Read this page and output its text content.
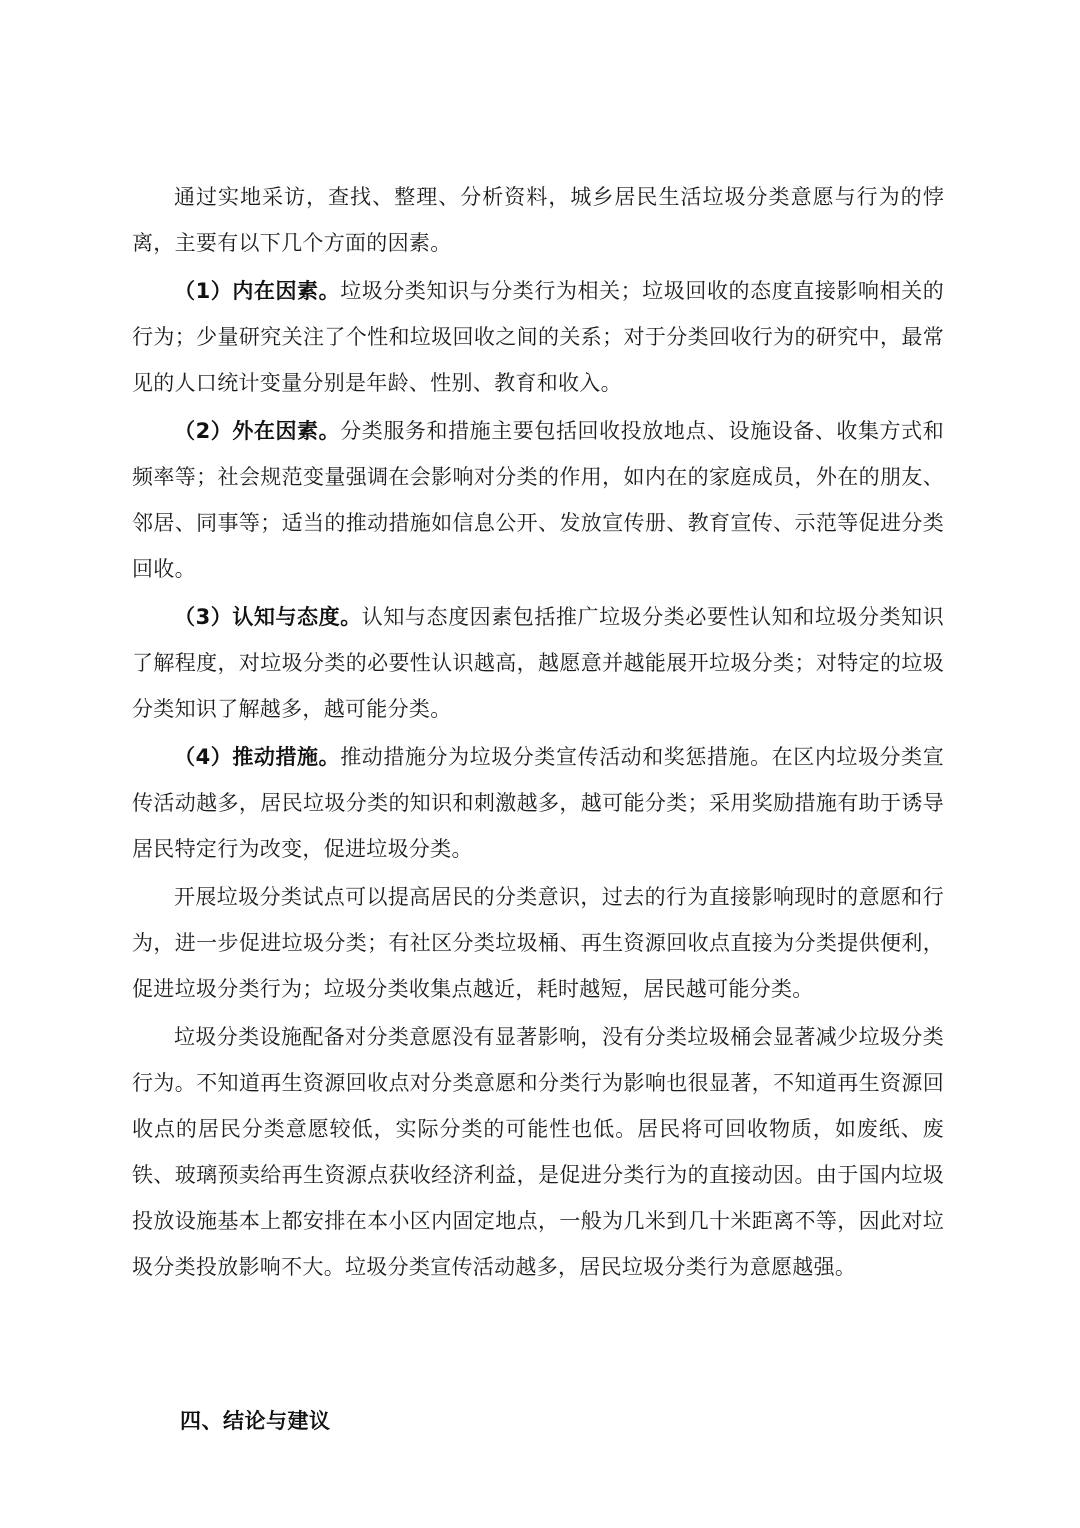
通过实地采访，查找、整理、分析资料，城乡居民生活垃圾分类意愿与行为的悖离，主要有以下几个方面的因素。

（1）内在因素。垃圾分类知识与分类行为相关；垃圾回收的态度直接影响相关的行为；少量研究关注了个性和垃圾回收之间的关系；对于分类回收行为的研究中，最常见的人口统计变量分别是年龄、性别、教育和收入。

（2）外在因素。分类服务和措施主要包括回收投放地点、设施设备、收集方式和频率等；社会规范变量强调在会影响对分类的作用，如内在的家庭成员，外在的朋友、邻居、同事等；适当的推动措施如信息公开、发放宣传册、教育宣传、示范等促进分类回收。

（3）认知与态度。认知与态度因素包括推广垃圾分类必要性认知和垃圾分类知识了解程度，对垃圾分类的必要性认识越高，越愿意并越能展开垃圾分类；对特定的垃圾分类知识了解越多，越可能分类。

（4）推动措施。推动措施分为垃圾分类宣传活动和奖惩措施。在区内垃圾分类宣传活动越多，居民垃圾分类的知识和刺激越多，越可能分类；采用奖励措施有助于诱导居民特定行为改变，促进垃圾分类。

开展垃圾分类试点可以提高居民的分类意识，过去的行为直接影响现时的意愿和行为，进一步促进垃圾分类；有社区分类垃圾桶、再生资源回收点直接为分类提供便利，促进垃圾分类行为；垃圾分类收集点越近，耗时越短，居民越可能分类。

垃圾分类设施配备对分类意愿没有显著影响，没有分类垃圾桶会显著减少垃圾分类行为。不知道再生资源回收点对分类意愿和分类行为影响也很显著，不知道再生资源回收点的居民分类意愿较低，实际分类的可能性也低。居民将可回收物质，如废纸、废铁、玻璃预卖给再生资源点获收经济利益，是促进分类行为的直接动因。由于国内垃圾投放设施基本上都安排在本小区内固定地点，一般为几米到几十米距离不等，因此对垃圾分类投放影响不大。垃圾分类宣传活动越多，居民垃圾分类行为意愿越强。

四、结论与建议
